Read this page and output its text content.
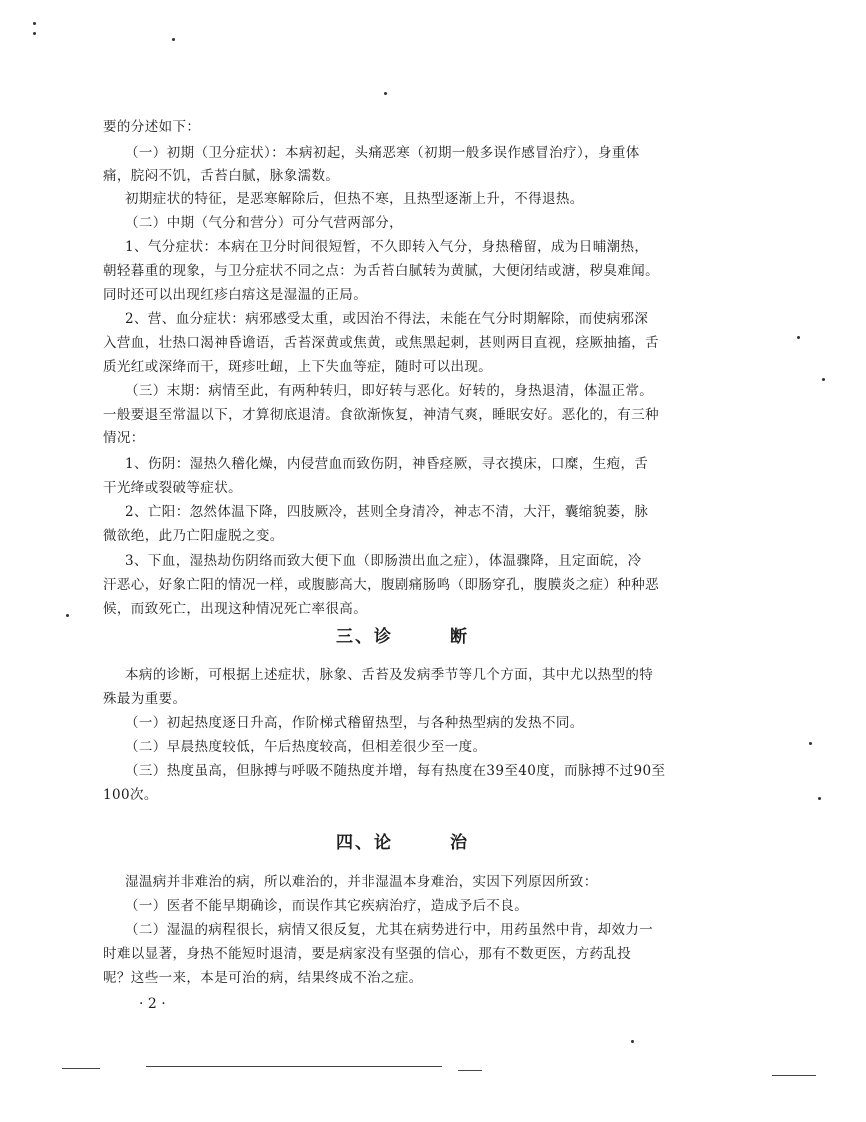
要的分述如下：
（一）初期（卫分症状）：本病初起，头痛恶寒（初期一般多误作感冒治疗），身重体
痛，脘闷不饥，舌苔白腻，脉象濡数。
初期症状的特征，是恶寒解除后，但热不寒，且热型逐渐上升，不得退热。
（二）中期（气分和营分）可分气营两部分，
1、气分症状：本病在卫分时间很短暂，不久即转入气分，身热稽留，成为日晡潮热，
朝轻暮重的现象，与卫分症状不同之点：为舌苔白腻转为黄腻，大便闭结或溏，秽臭难闻。
同时还可以出现红疹白痦这是湿温的正局。
2、营、血分症状：病邪感受太重，或因治不得法，未能在气分时期解除，而使病邪深
入营血，壮热口渴神昏谵语，舌苔深黄或焦黄，或焦黑起刺，甚则两目直视，痉厥抽搐，舌
质光红或深绛而干，斑疹吐衄，上下失血等症，随时可以出现。
（三）末期：病情至此，有两种转归，即好转与恶化。好转的，身热退清，体温正常。
一般要退至常温以下，才算彻底退清。食欲渐恢复，神清气爽，睡眠安好。恶化的，有三种
情况：
1、伤阴：湿热久稽化燥，内侵营血而致伤阴，神昏痉厥，寻衣摸床，口糜，生疱，舌
干光绛或裂破等症状。
2、亡阳：忽然体温下降，四肢厥冷，甚则全身清冷，神志不清，大汗，囊缩貌萎，脉
微欲绝，此乃亡阳虚脱之变。
3、下血，湿热劫伤阴络而致大便下血（即肠溃出血之症），体温骤降，且定面皖，冷
汗恶心，好象亡阳的情况一样，或腹膨高大，腹剧痛肠鸣（即肠穿孔，腹膜炎之症）种种恶
候，而致死亡，出现这种情况死亡率很高。
三、诊　　　断
本病的诊断，可根据上述症状，脉象、舌苔及发病季节等几个方面，其中尤以热型的特
殊最为重要。
（一）初起热度逐日升高，作阶梯式稽留热型，与各种热型病的发热不同。
（二）早晨热度较低，午后热度较高，但相差很少至一度。
（三）热度虽高，但脉搏与呼吸不随热度并增，每有热度在39至40度，而脉搏不过90至
100次。
四、论　　　治
湿温病并非难治的病，所以难治的，并非湿温本身难治，实因下列原因所致：
（一）医者不能早期确诊，而误作其它疾病治疗，造成予后不良。
（二）湿温的病程很长，病情又很反复，尤其在病势进行中，用药虽然中肯，却效力一
时难以显著，身热不能短时退清，要是病家没有坚强的信心，那有不数更医，方药乱投
呢？这些一来，本是可治的病，结果终成不治之症。
· 2 ·
